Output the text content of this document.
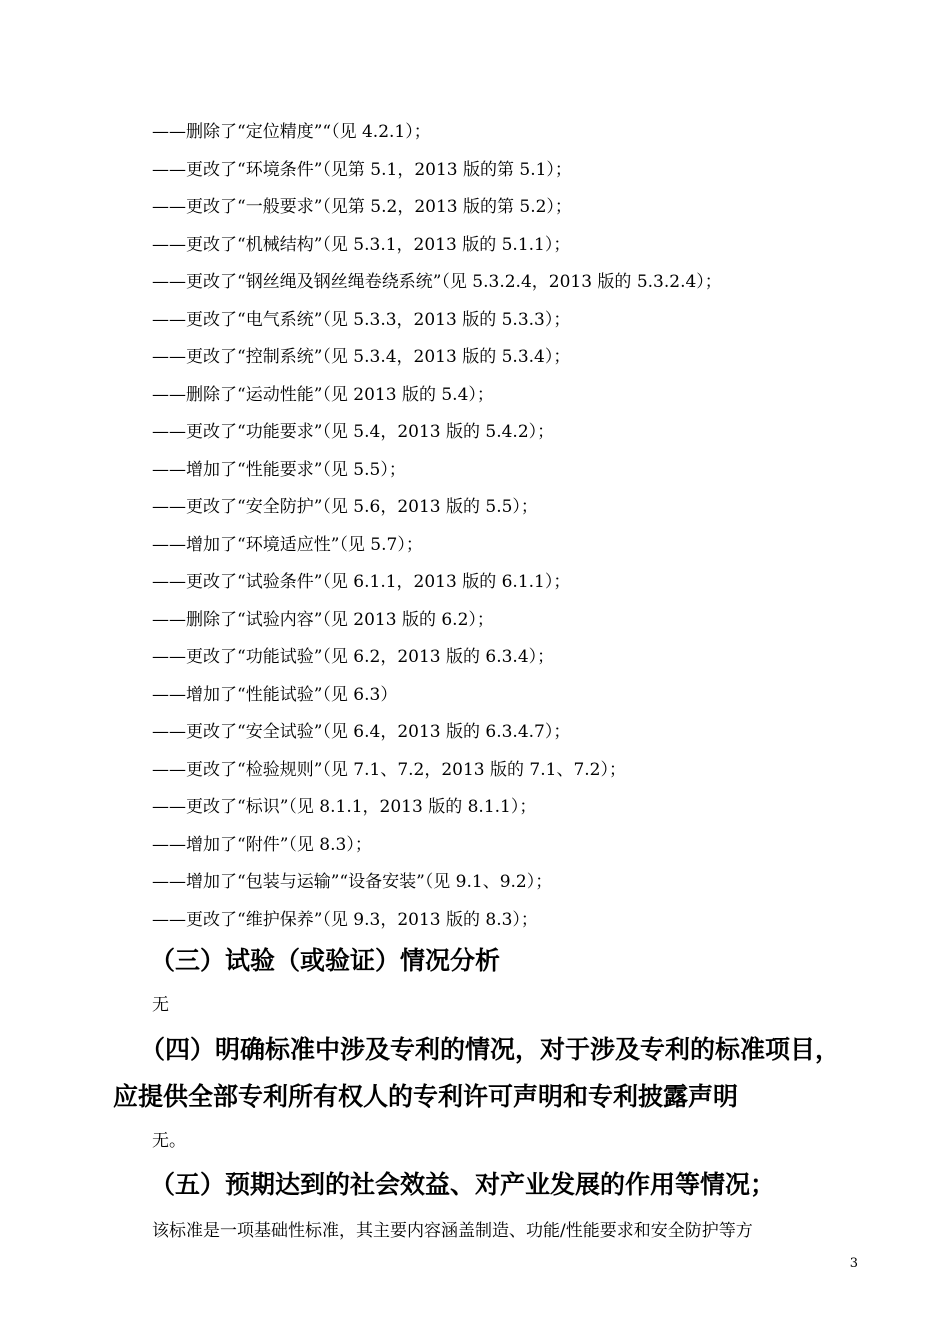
——删除了“定位精度”“（见 4.2.1）；
——更改了“环境条件”（见第 5.1，2013 版的第 5.1）；
——更改了“一般要求”（见第 5.2，2013 版的第 5.2）；
——更改了“机械结构”（见 5.3.1，2013 版的 5.1.1）；
——更改了“钢丝绳及钢丝绳卷绕系统”（见 5.3.2.4，2013 版的 5.3.2.4）；
——更改了“电气系统”（见 5.3.3，2013 版的 5.3.3）；
——更改了“控制系统”（见 5.3.4，2013 版的 5.3.4）；
——删除了“运动性能”（见 2013 版的 5.4）；
——更改了“功能要求”（见 5.4，2013 版的 5.4.2）；
——增加了“性能要求”（见 5.5）；
——更改了“安全防护”（见 5.6，2013 版的 5.5）；
——增加了“环境适应性”（见 5.7）；
——更改了“试验条件”（见 6.1.1，2013 版的 6.1.1）；
——删除了“试验内容”（见 2013 版的 6.2）；
——更改了“功能试验”（见 6.2，2013 版的 6.3.4）；
——增加了“性能试验”（见 6.3）
——更改了“安全试验”（见 6.4，2013 版的 6.3.4.7）；
——更改了“检验规则”（见 7.1、7.2，2013 版的 7.1、7.2）；
——更改了“标识”（见 8.1.1，2013 版的 8.1.1）；
——增加了“附件”（见 8.3）；
——增加了“包装与运输”“设备安装”（见 9.1、9.2）；
——更改了“维护保养”（见 9.3，2013 版的 8.3）；
（三）试验（或验证）情况分析
无
（四）明确标准中涉及专利的情况，对于涉及专利的标准项目，
应提供全部专利所有权人的专利许可声明和专利披露声明
无。
（五）预期达到的社会效益、对产业发展的作用等情况；
该标准是一项基础性标准，其主要内容涵盖制造、功能/性能要求和安全防护等方
3
